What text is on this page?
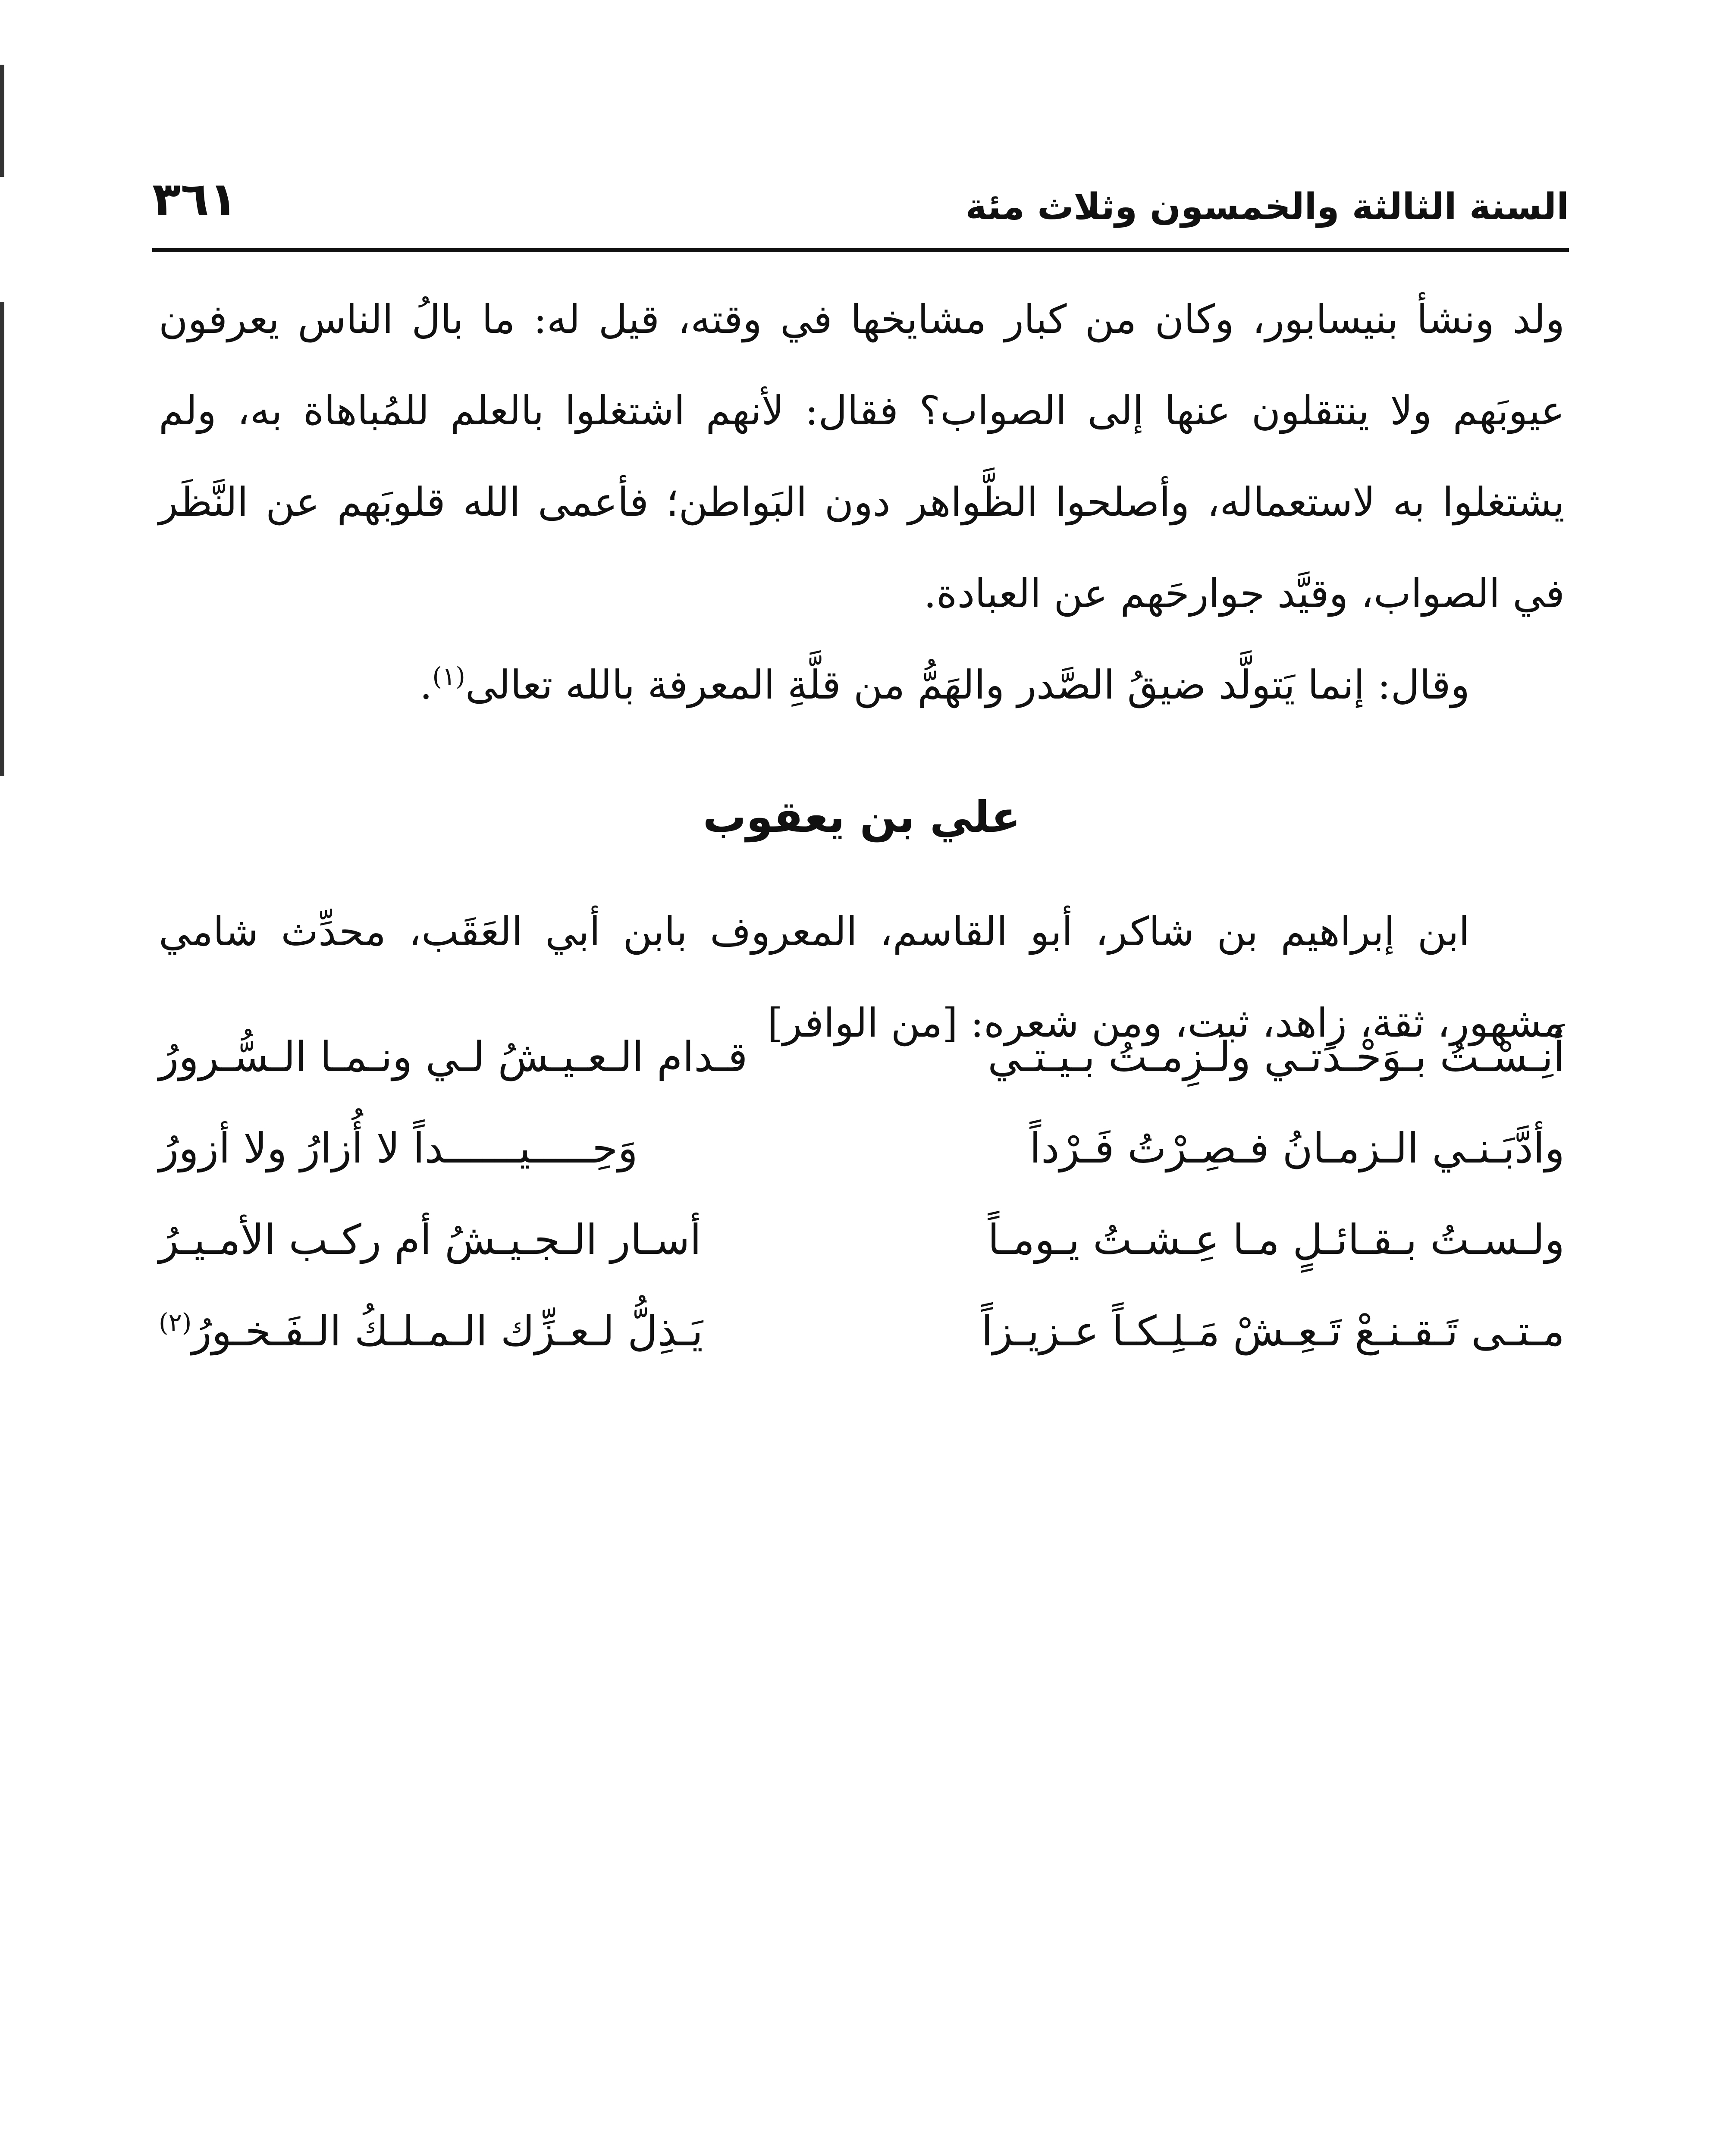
السنة الثالثة والخمسون وثلاث مئة
٣٦١

ولد ونشأ بنيسابور، وكان من كبار مشايخها في وقته، قيل له: ما بالُ الناس يعرفون عيوبَهم ولا ينتقلون عنها إلى الصواب؟ فقال: لأنهم اشتغلوا بالعلم للمُباهاة به، ولم يشتغلوا به لاستعماله، وأصلحوا الظَّواهر دون البَواطن؛ فأعمى الله قلوبَهم عن النَّظَر في الصواب، وقيَّد جوارحَهم عن العبادة.

وقال: إنما يَتولَّد ضيقُ الصَّدر والهَمُّ من قلَّةِ المعرفة بالله تعالى$^{(١)}$.

علي بن يعقوب

ابن إبراهيم بن شاكر، أبو القاسم، المعروف بابن أبي العَقَب، محدِّث شامي مشهور، ثقة، زاهد، ثبت، ومن شعره: [من الوافر]

أَنِـسْـتُ بـوَحْـدَتـي ولَـزِمـتُ بـيـتـي
قـدام الـعـيـشُ لـي ونـمـا الـسُّـرورُ
وأدَّبَـنـي الـزمـانُ فـصِـرْتُ فَـرْداً
وَحِـــــيــــــداً لا أُزارُ ولا أزورُ
ولـسـتُ بـقـائـلٍ مـا عِـشـتُ يـومـاً
أسـار الـجـيـشُ أم ركـب الأمـيـرُ
مـتـى تَـقـنـعْ تَـعِـشْ مَـلِـكـاً عـزيـزاً
يَـذِلُّ لـعـزِّك الـمـلـكُ الـفَـخـورُ$^{(٢)}$
